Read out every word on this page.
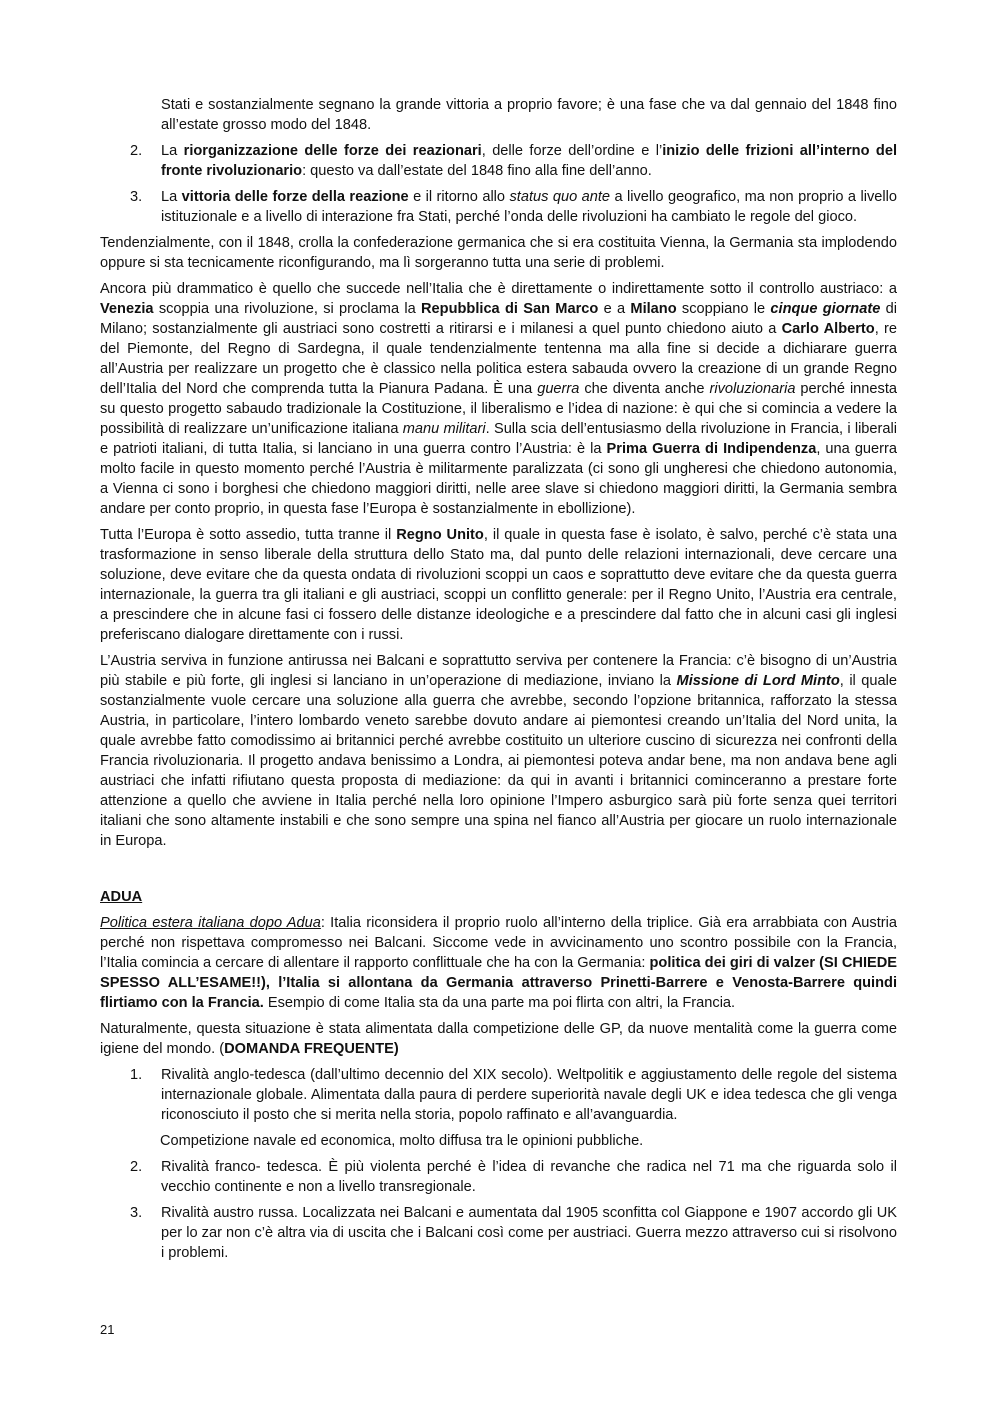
Stati e sostanzialmente segnano la grande vittoria a proprio favore; è una fase che va dal gennaio del 1848 fino all’estate grosso modo del 1848.
2. La riorganizzazione delle forze dei reazionari, delle forze dell’ordine e l’inizio delle frizioni all’interno del fronte rivoluzionario: questo va dall’estate del 1848 fino alla fine dell’anno.
3. La vittoria delle forze della reazione e il ritorno allo status quo ante a livello geografico, ma non proprio a livello istituzionale e a livello di interazione fra Stati, perché l’onda delle rivoluzioni ha cambiato le regole del gioco.

Tendenzialmente, con il 1848, crolla la confederazione germanica che si era costituita Vienna, la Germania sta implodendo oppure si sta tecnicamente riconfigurando, ma lì sorgeranno tutta una serie di problemi.

Ancora più drammatico è quello che succede nell’Italia che è direttamente o indirettamente sotto il controllo austriaco: a Venezia scoppia una rivoluzione, si proclama la Repubblica di San Marco e a Milano scoppiano le cinque giornate di Milano; sostanzialmente gli austriaci sono costretti a ritirarsi e i milanesi a quel punto chiedono aiuto a Carlo Alberto, re del Piemonte, del Regno di Sardegna, il quale tendenzialmente tentenna ma alla fine si decide a dichiarare guerra all’Austria per realizzare un progetto che è classico nella politica estera sabauda ovvero la creazione di un grande Regno dell’Italia del Nord che comprenda tutta la Pianura Padana. È una guerra che diventa anche rivoluzionaria perché innesta su questo progetto sabaudo tradizionale la Costituzione, il liberalismo e l’idea di nazione: è qui che si comincia a vedere la possibilità di realizzare un’unificazione italiana manu militari. Sulla scia dell’entusiasmo della rivoluzione in Francia, i liberali e patrioti italiani, di tutta Italia, si lanciano in una guerra contro l’Austria: è la Prima Guerra di Indipendenza, una guerra molto facile in questo momento perché l’Austria è militarmente paralizzata (ci sono gli ungheresi che chiedono autonomia, a Vienna ci sono i borghesi che chiedono maggiori diritti, nelle aree slave si chiedono maggiori diritti, la Germania sembra andare per conto proprio, in questa fase l’Europa è sostanzialmente in ebollizione).

Tutta l’Europa è sotto assedio, tutta tranne il Regno Unito, il quale in questa fase è isolato, è salvo, perché c’è stata una trasformazione in senso liberale della struttura dello Stato ma, dal punto delle relazioni internazionali, deve cercare una soluzione, deve evitare che da questa ondata di rivoluzioni scoppi un caos e soprattutto deve evitare che da questa guerra internazionale, la guerra tra gli italiani e gli austriaci, scoppi un conflitto generale: per il Regno Unito, l’Austria era centrale, a prescindere che in alcune fasi ci fossero delle distanze ideologiche e a prescindere dal fatto che in alcuni casi gli inglesi preferiscano dialogare direttamente con i russi.

L’Austria serviva in funzione antirussa nei Balcani e soprattutto serviva per contenere la Francia: c’è bisogno di un’Austria più stabile e più forte, gli inglesi si lanciano in un’operazione di mediazione, inviano la Missione di Lord Minto, il quale sostanzialmente vuole cercare una soluzione alla guerra che avrebbe, secondo l’opzione britannica, rafforzato la stessa Austria, in particolare, l’intero lombardo veneto sarebbe dovuto andare ai piemontesi creando un’Italia del Nord unita, la quale avrebbe fatto comodissimo ai britannici perché avrebbe costituito un ulteriore cuscino di sicurezza nei confronti della Francia rivoluzionaria. Il progetto andava benissimo a Londra, ai piemontesi poteva andar bene, ma non andava bene agli austriaci che infatti rifiutano questa proposta di mediazione: da qui in avanti i britannici cominceranno a prestare forte attenzione a quello che avviene in Italia perché nella loro opinione l’Impero asburgico sarà più forte senza quei territori italiani che sono altamente instabili e che sono sempre una spina nel fianco all’Austria per giocare un ruolo internazionale in Europa.

ADUA

Politica estera italiana dopo Adua: Italia riconsidera il proprio ruolo all’interno della triplice. Già era arrabbiata con Austria perché non rispettava compromesso nei Balcani. Siccome vede in avvicinamento uno scontro possibile con la Francia, l’Italia comincia a cercare di allentare il rapporto conflittuale che ha con la Germania: politica dei giri di valzer (SI CHIEDE SPESSO ALL’ESAME!!), l’Italia si allontana da Germania attraverso Prinetti-Barrere e Venosta-Barrere quindi flirtiamo con la Francia. Esempio di come Italia sta da una parte ma poi flirta con altri, la Francia.

Naturalmente, questa situazione è stata alimentata dalla competizione delle GP, da nuove mentalità come la guerra come igiene del mondo. (DOMANDA FREQUENTE)

1. Rivalità anglo-tedesca (dall’ultimo decennio del XIX secolo). Weltpolitik e aggiustamento delle regole del sistema internazionale globale. Alimentata dalla paura di perdere superiorità navale degli UK e idea tedesca che gli venga riconosciuto il posto che si merita nella storia, popolo raffinato e all’avanguardia.
Competizione navale ed economica, molto diffusa tra le opinioni pubbliche.
2. Rivalità franco- tedesca. È più violenta perché è l’idea di revanche che radica nel 71 ma che riguarda solo il vecchio continente e non a livello transregionale.
3. Rivalità austro russa. Localizzata nei Balcani e aumentata dal 1905 sconfitta col Giappone e 1907 accordo gli UK per lo zar non c’è altra via di uscita che i Balcani così come per austriaci. Guerra mezzo attraverso cui si risolvono i problemi.
21
